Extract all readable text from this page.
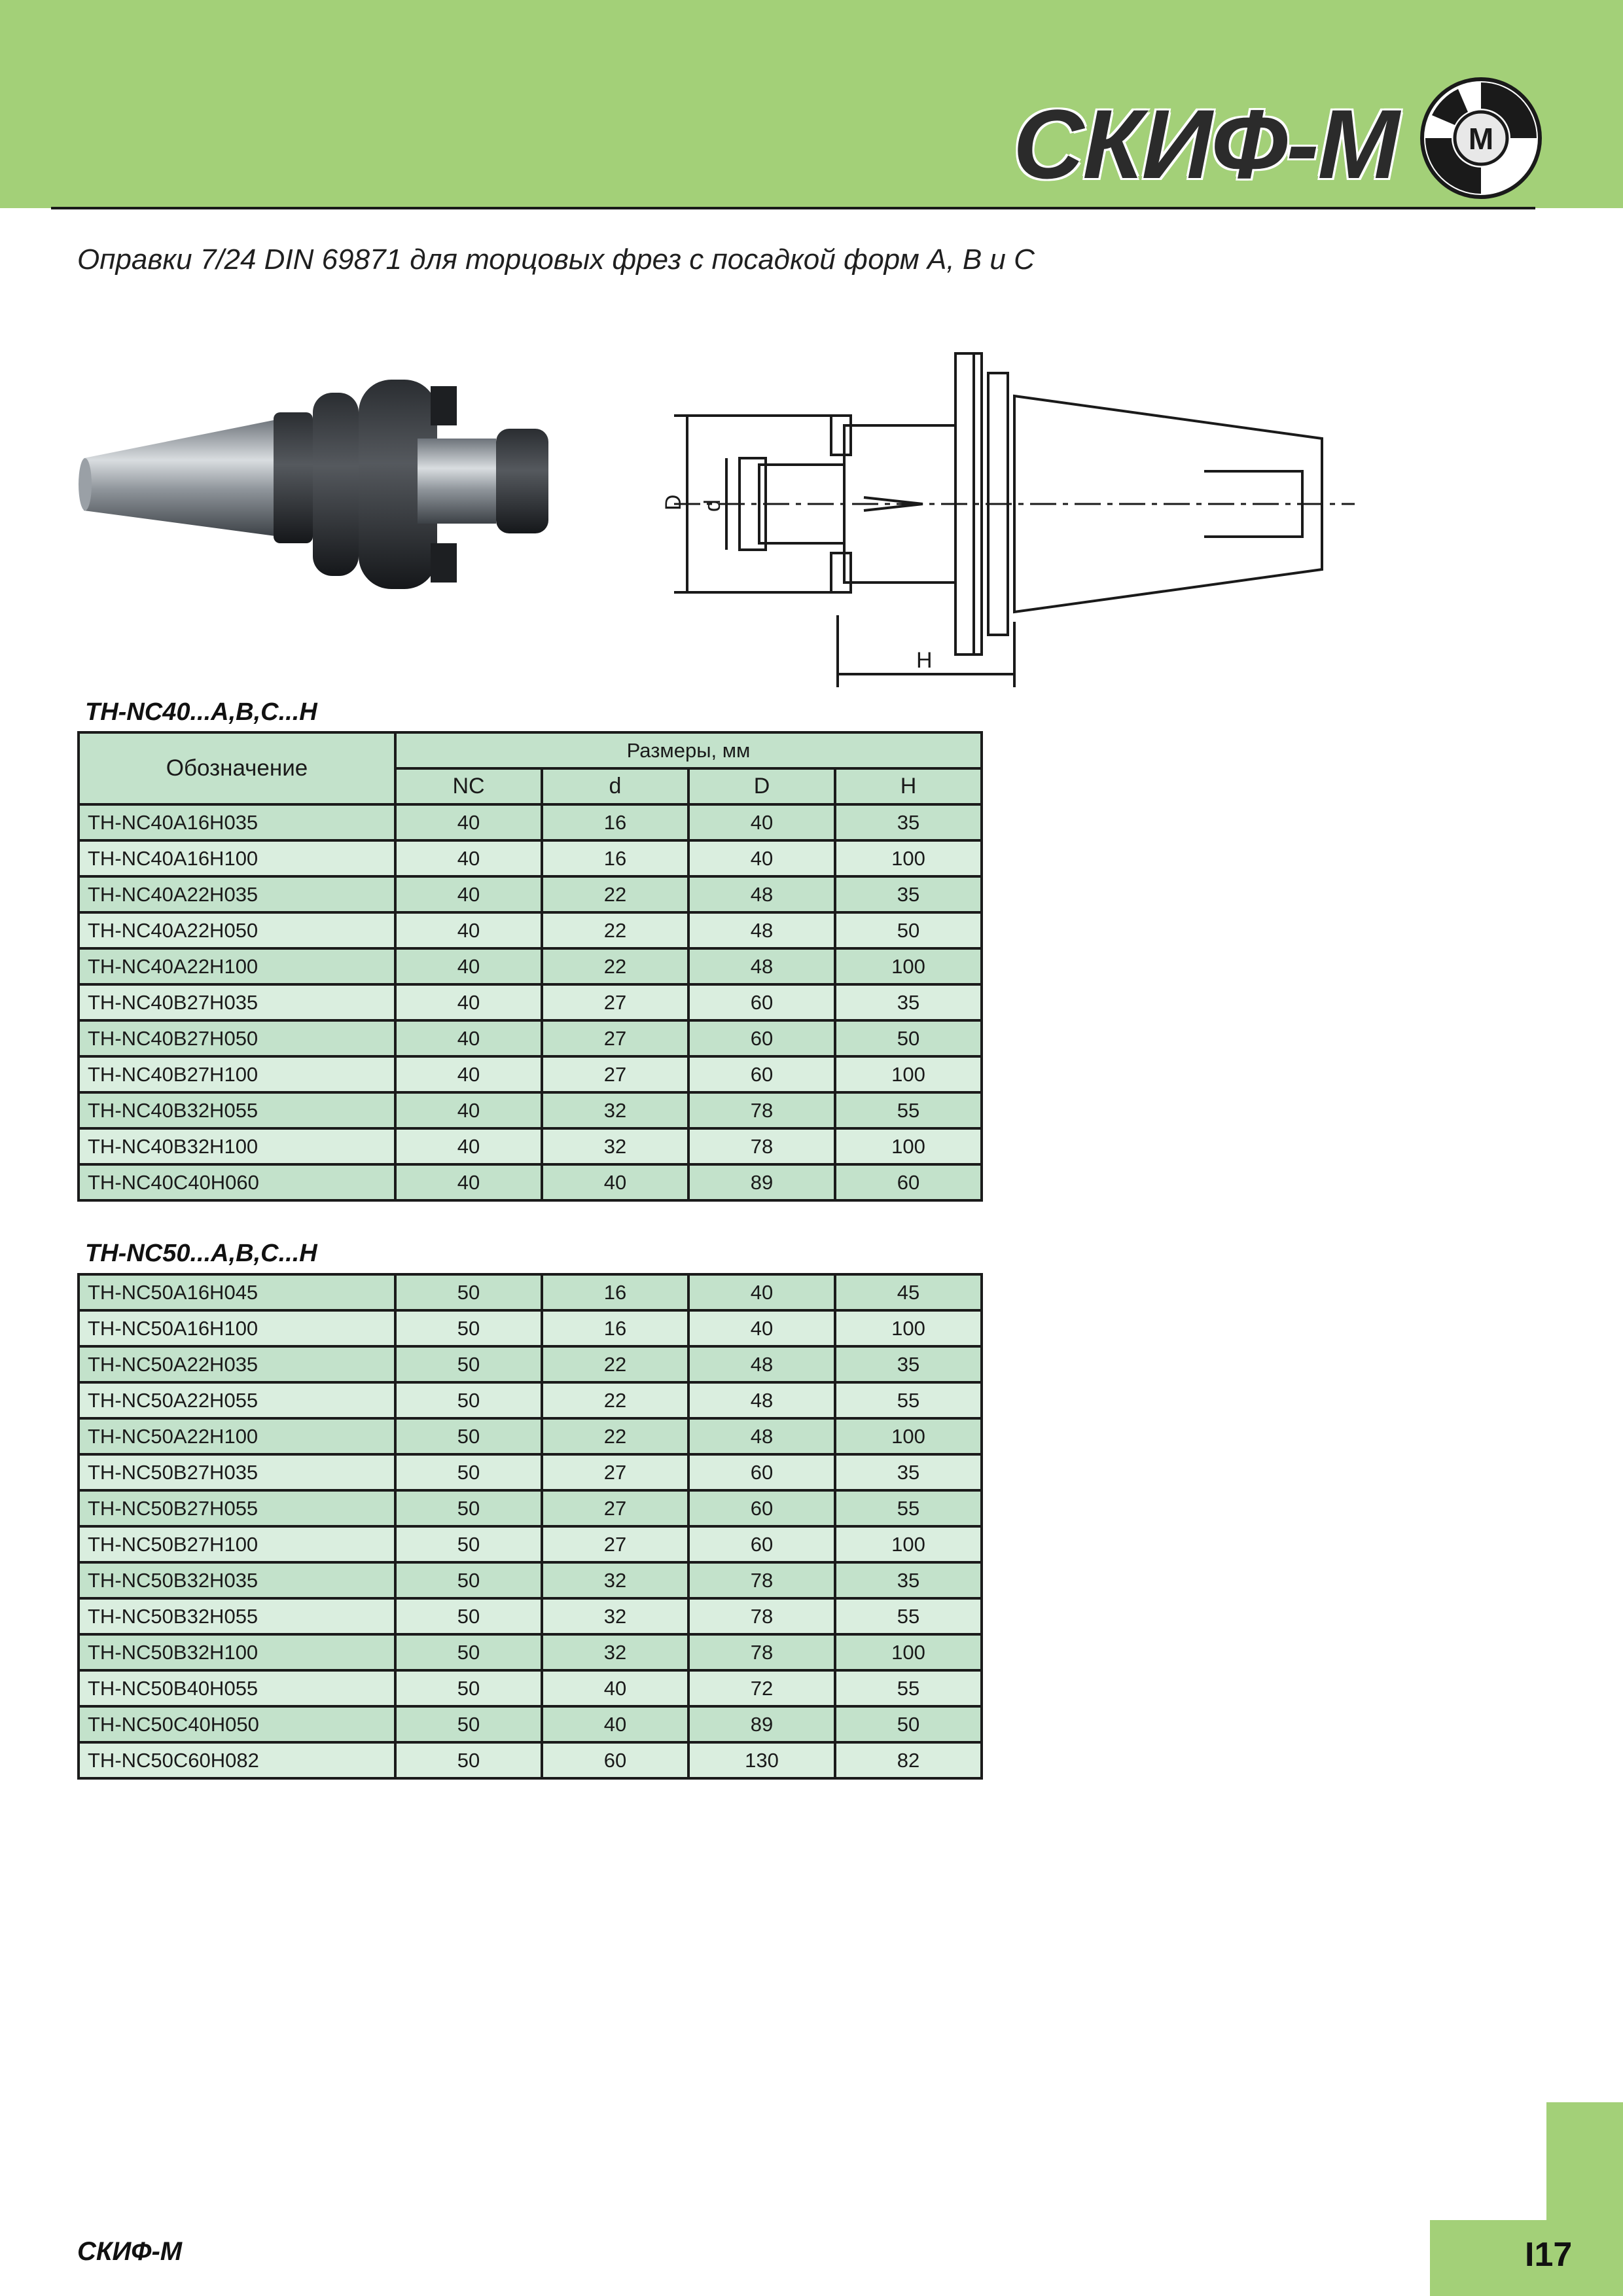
СКИФ-М М
Оправки 7/24 DIN 69871 для торцовых фрез с посадкой форм A, B и C
D d
H
TH-NC40...A,B,C...H
Обозначение	Размеры, мм			
	NC	d	D	H
TH-NC40A16H035	40	16	40	35
TH-NC40A16H100	40	16	40	100
TH-NC40A22H035	40	22	48	35
TH-NC40A22H050	40	22	48	50
TH-NC40A22H100	40	22	48	100
TH-NC40B27H035	40	27	60	35
TH-NC40B27H050	40	27	60	50
TH-NC40B27H100	40	27	60	100
TH-NC40B32H055	40	32	78	55
TH-NC40B32H100	40	32	78	100
TH-NC40C40H060	40	40	89	60
TH-NC50...A,B,C...H
TH-NC50A16H045	50	16	40	45
TH-NC50A16H100	50	16	40	100
TH-NC50A22H035	50	22	48	35
TH-NC50A22H055	50	22	48	55
TH-NC50A22H100	50	22	48	100
TH-NC50B27H035	50	27	60	35
TH-NC50B27H055	50	27	60	55
TH-NC50B27H100	50	27	60	100
TH-NC50B32H035	50	32	78	35
TH-NC50B32H055	50	32	78	55
TH-NC50B32H100	50	32	78	100
TH-NC50B40H055	50	40	72	55
TH-NC50C40H050	50	40	89	50
TH-NC50C60H082	50	60	130	82
СКИФ-М	I17
